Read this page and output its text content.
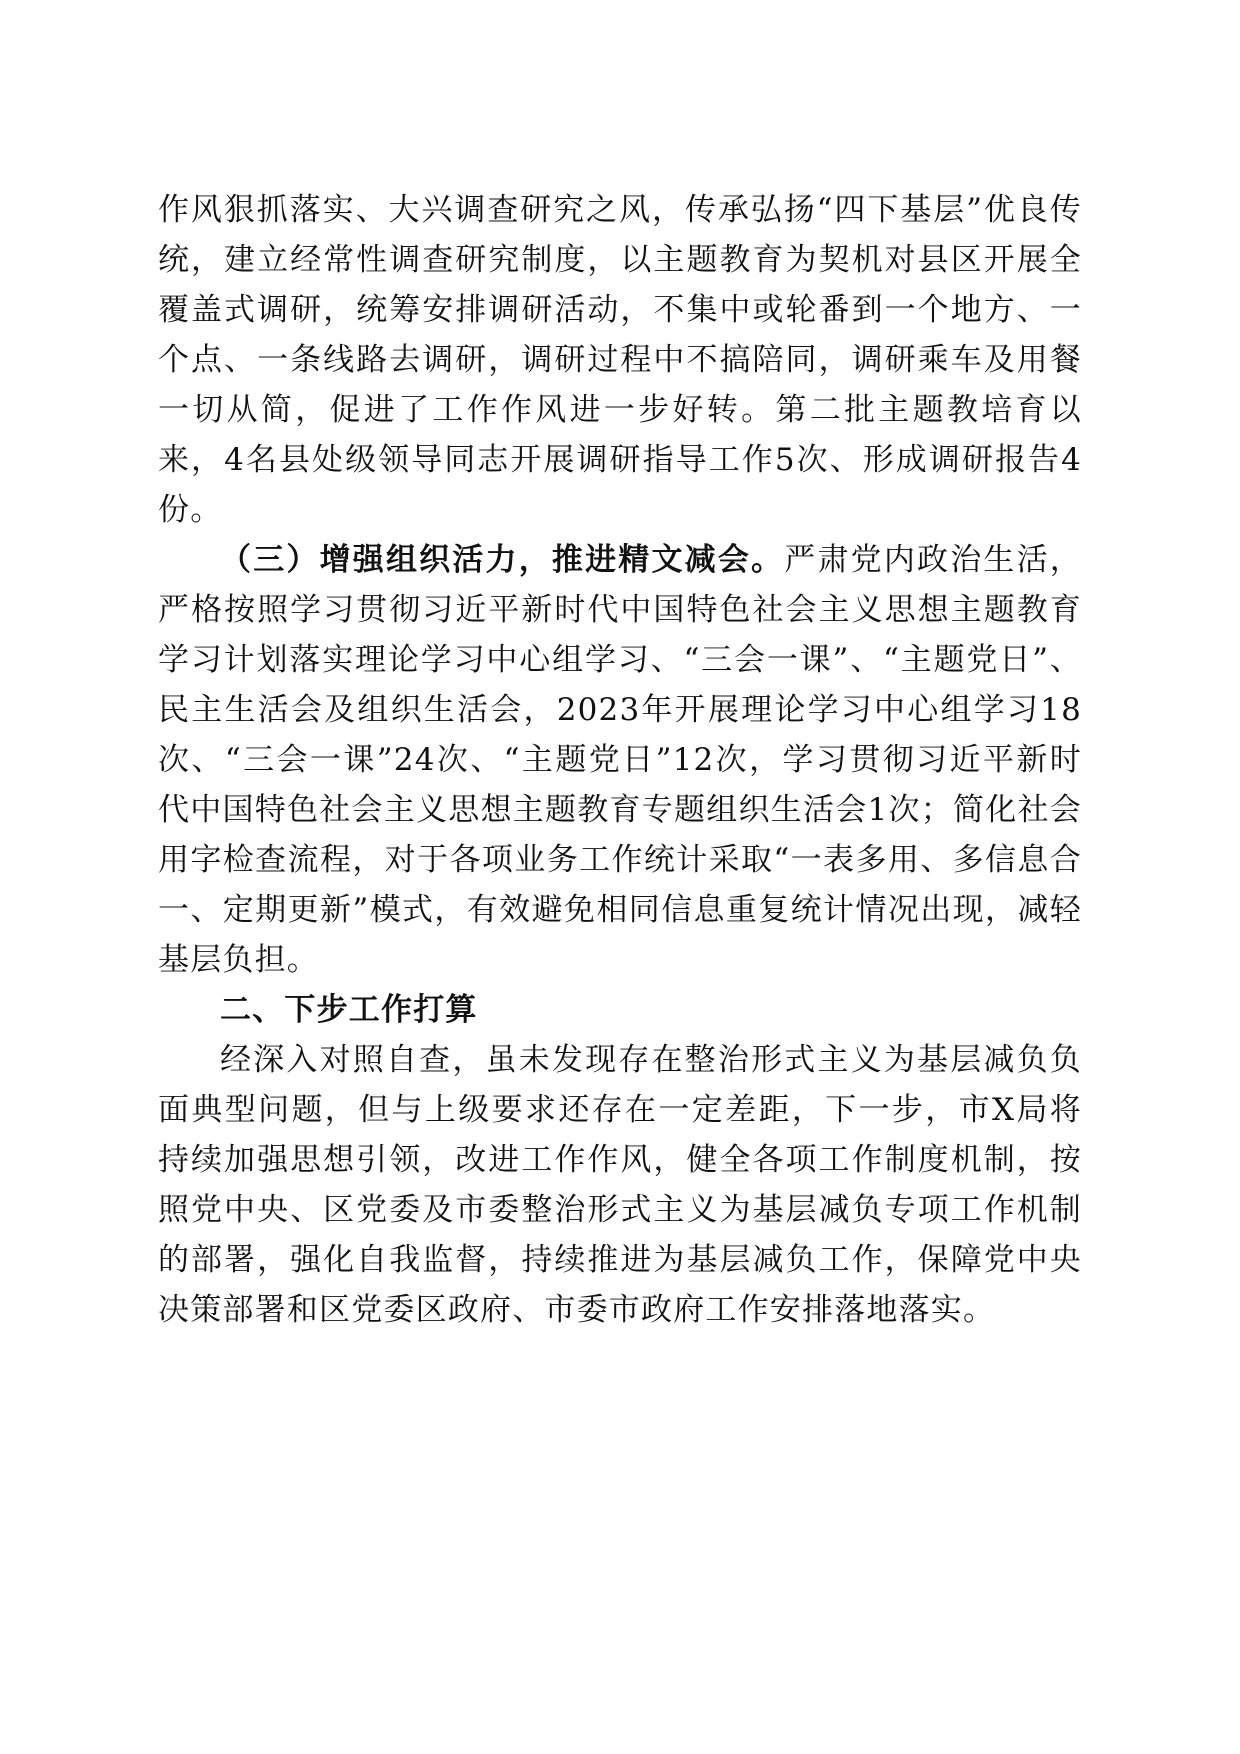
作风狠抓落实、大兴调查研究之风，传承弘扬“四下基层”优良传统，建立经常性调查研究制度，以主题教育为契机对县区开展全覆盖式调研，统筹安排调研活动，不集中或轮番到一个地方、一个点、一条线路去调研，调研过程中不搞陪同，调研乘车及用餐一切从简，促进了工作作风进一步好转。第二批主题教培育以来，4名县处级领导同志开展调研指导工作5次、形成调研报告4份。

（三）增强组织活力，推进精文减会。严肃党内政治生活，严格按照学习贯彻习近平新时代中国特色社会主义思想主题教育学习计划落实理论学习中心组学习、“三会一课”、“主题党日”、民主生活会及组织生活会，2023年开展理论学习中心组学习18次、“三会一课”24次、“主题党日”12次，学习贯彻习近平新时代中国特色社会主义思想主题教育专题组织生活会1次；简化社会用字检查流程，对于各项业务工作统计采取“一表多用、多信息合一、定期更新”模式，有效避免相同信息重复统计情况出现，减轻基层负担。

二、下步工作打算

经深入对照自查，虽未发现存在整治形式主义为基层减负负面典型问题，但与上级要求还存在一定差距，下一步，市X局将持续加强思想引领，改进工作作风，健全各项工作制度机制，按照党中央、区党委及市委整治形式主义为基层减负专项工作机制的部署，强化自我监督，持续推进为基层减负工作，保障党中央决策部署和区党委区政府、市委市政府工作安排落地落实。
